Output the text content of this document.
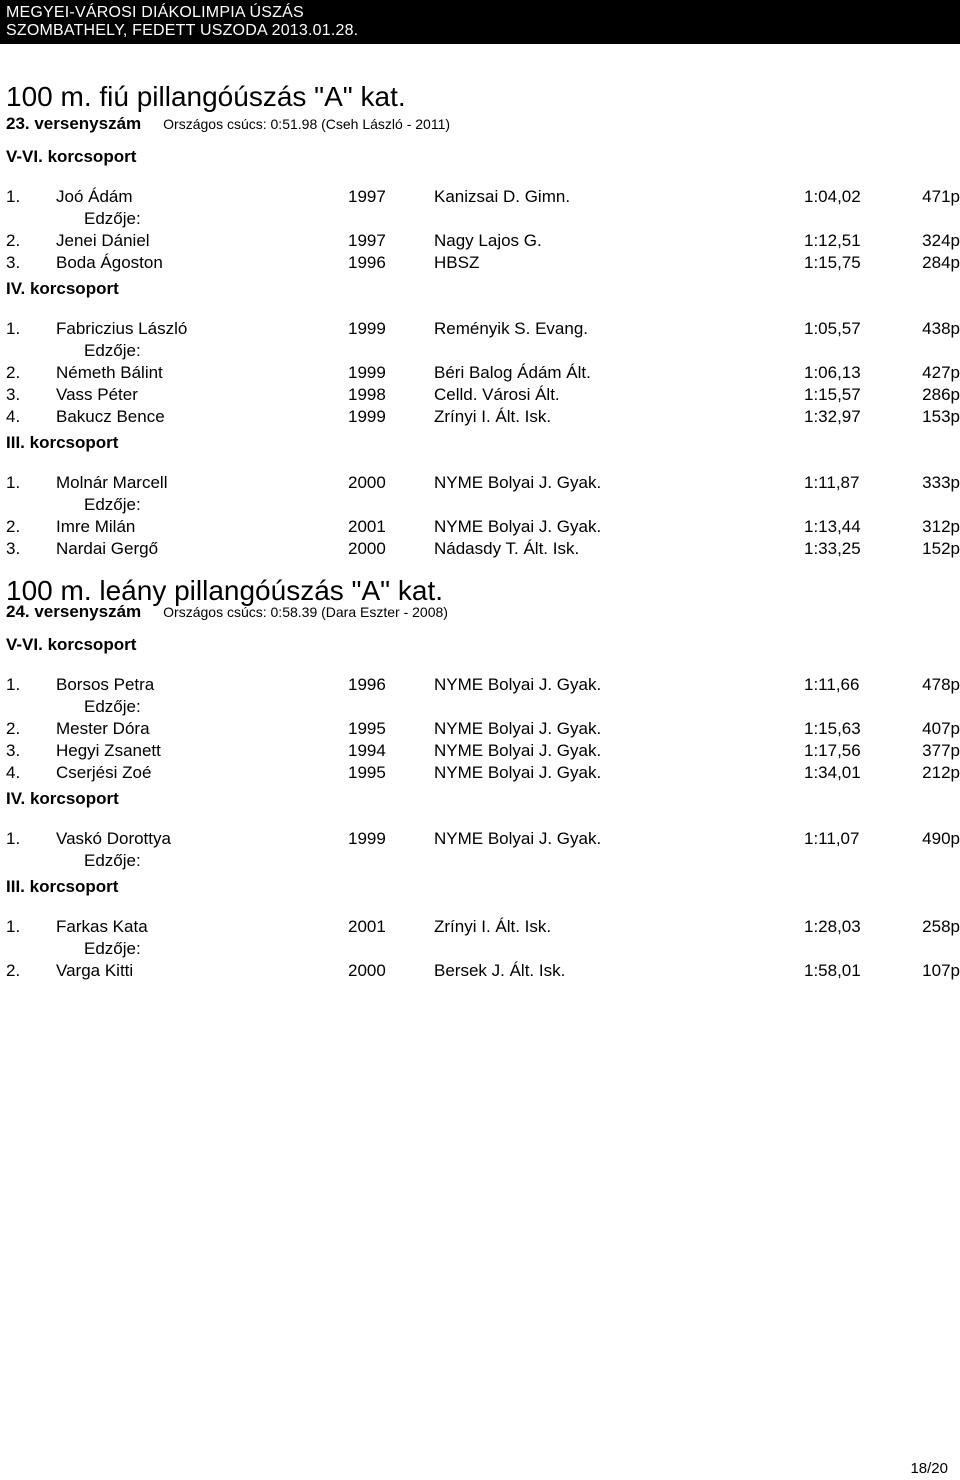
MEGYEI-VÁROSI DIÁKOLIMPIA ÚSZÁS
SZOMBATHELY, FEDETT USZODA 2013.01.28.
100 m. fiú pillangóúszás "A" kat.
23. versenyszám Országos csúcs: 0:51.98 (Cseh László - 2011)
V-VI. korcsoport
1. Joó Ádám	1997	Kanizsai D. Gimn.	1:04,02	471p
Edzője:
2. Jenei Dániel	1997	Nagy Lajos G.	1:12,51	324p
3. Boda Ágoston	1996	HBSZ	1:15,75	284p
IV. korcsoport
1. Fabriczius László	1999	Reményik S. Evang.	1:05,57	438p
Edzője:
2. Németh Bálint	1999	Béri Balog Ádám Ált.	1:06,13	427p
3. Vass Péter	1998	Celld. Városi Ált.	1:15,57	286p
4. Bakucz Bence	1999	Zrínyi I. Ált. Isk.	1:32,97	153p
III. korcsoport
1. Molnár Marcell	2000	NYME Bolyai J. Gyak.	1:11,87	333p
Edzője:
2. Imre Milán	2001	NYME Bolyai J. Gyak.	1:13,44	312p
3. Nardai Gergő	2000	Nádasdy T. Ált. Isk.	1:33,25	152p
100 m. leány pillangóúszás "A" kat.
24. versenyszám Országos csúcs: 0:58.39 (Dara Eszter - 2008)
V-VI. korcsoport
1. Borsos Petra	1996	NYME Bolyai J. Gyak.	1:11,66	478p
Edzője:
2. Mester Dóra	1995	NYME Bolyai J. Gyak.	1:15,63	407p
3. Hegyi Zsanett	1994	NYME Bolyai J. Gyak.	1:17,56	377p
4. Cserjési Zoé	1995	NYME Bolyai J. Gyak.	1:34,01	212p
IV. korcsoport
1. Vaskó Dorottya	1999	NYME Bolyai J. Gyak.	1:11,07	490p
Edzője:
III. korcsoport
1. Farkas Kata	2001	Zrínyi I. Ált. Isk.	1:28,03	258p
Edzője:
2. Varga Kitti	2000	Bersek J. Ált. Isk.	1:58,01	107p
18/20
